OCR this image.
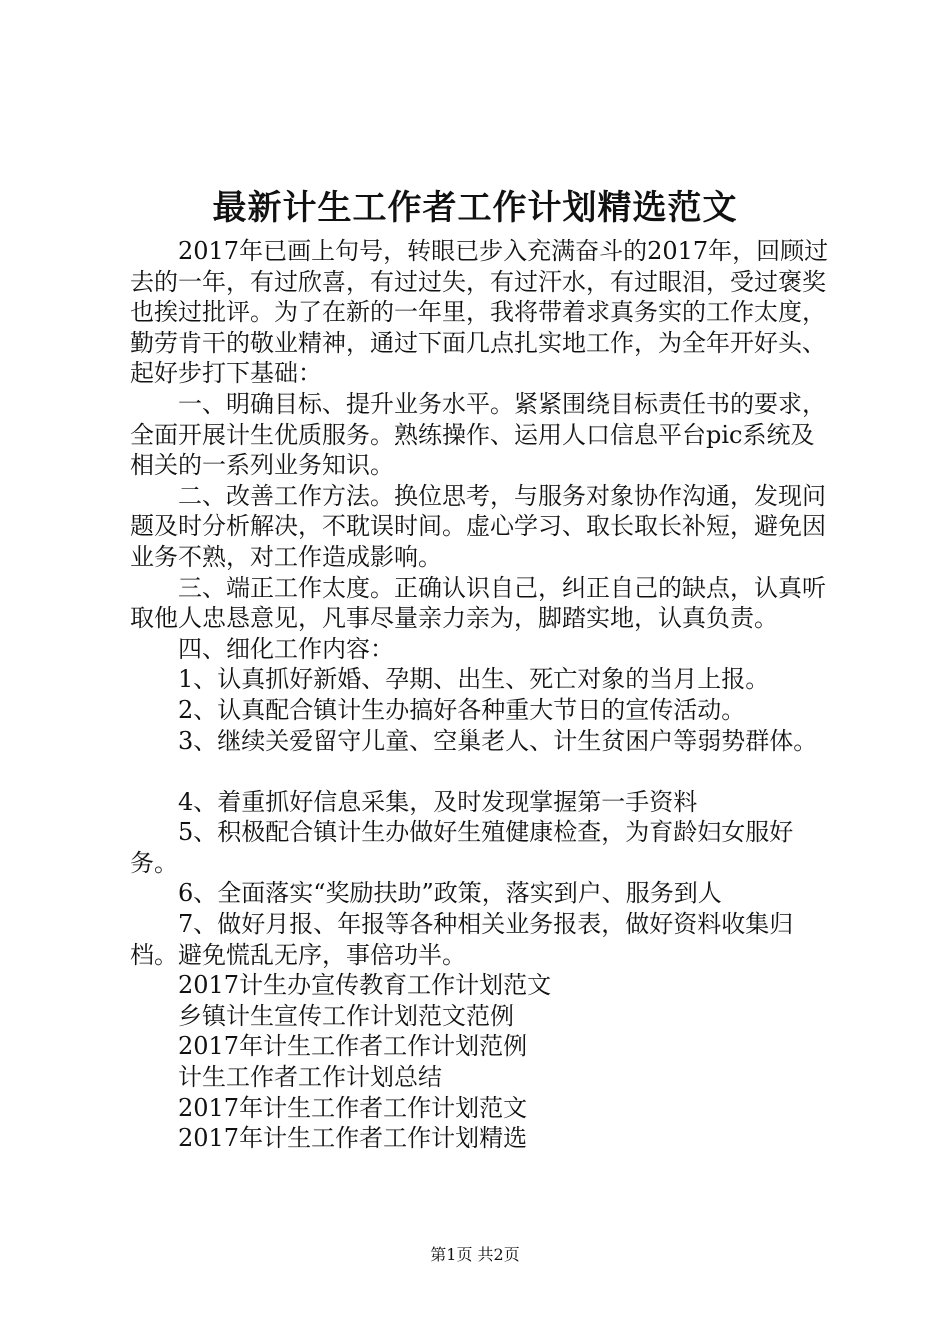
最新计生工作者工作计划精选范文

2017年已画上句号，转眼已步入充满奋斗的2017年，回顾过去的一年，有过欣喜，有过过失，有过汗水，有过眼泪，受过褒奖也挨过批评。为了在新的一年里，我将带着求真务实的工作太度，勤劳肯干的敬业精神，通过下面几点扎实地工作，为全年开好头、起好步打下基础：

一、明确目标、提升业务水平。紧紧围绕目标责任书的要求，全面开展计生优质服务。熟练操作、运用人口信息平台pic系统及相关的一系列业务知识。

二、改善工作方法。换位思考，与服务对象协作沟通，发现问题及时分析解决，不耽误时间。虚心学习、取长取长补短，避免因业务不熟，对工作造成影响。

三、端正工作太度。正确认识自己，纠正自己的缺点，认真听取他人忠恳意见，凡事尽量亲力亲为，脚踏实地，认真负责。

四、细化工作内容：

1、认真抓好新婚、孕期、出生、死亡对象的当月上报。

2、认真配合镇计生办搞好各种重大节日的宣传活动。

3、继续关爱留守儿童、空巢老人、计生贫困户等弱势群体。

4、着重抓好信息采集，及时发现掌握第一手资料

5、积极配合镇计生办做好生殖健康检查，为育龄妇女服好务。

6、全面落实“奖励扶助”政策，落实到户、服务到人

7、做好月报、年报等各种相关业务报表，做好资料收集归档。避免慌乱无序，事倍功半。

2017计生办宣传教育工作计划范文
乡镇计生宣传工作计划范文范例
2017年计生工作者工作计划范例
计生工作者工作计划总结
2017年计生工作者工作计划范文
2017年计生工作者工作计划精选
第1页 共2页
